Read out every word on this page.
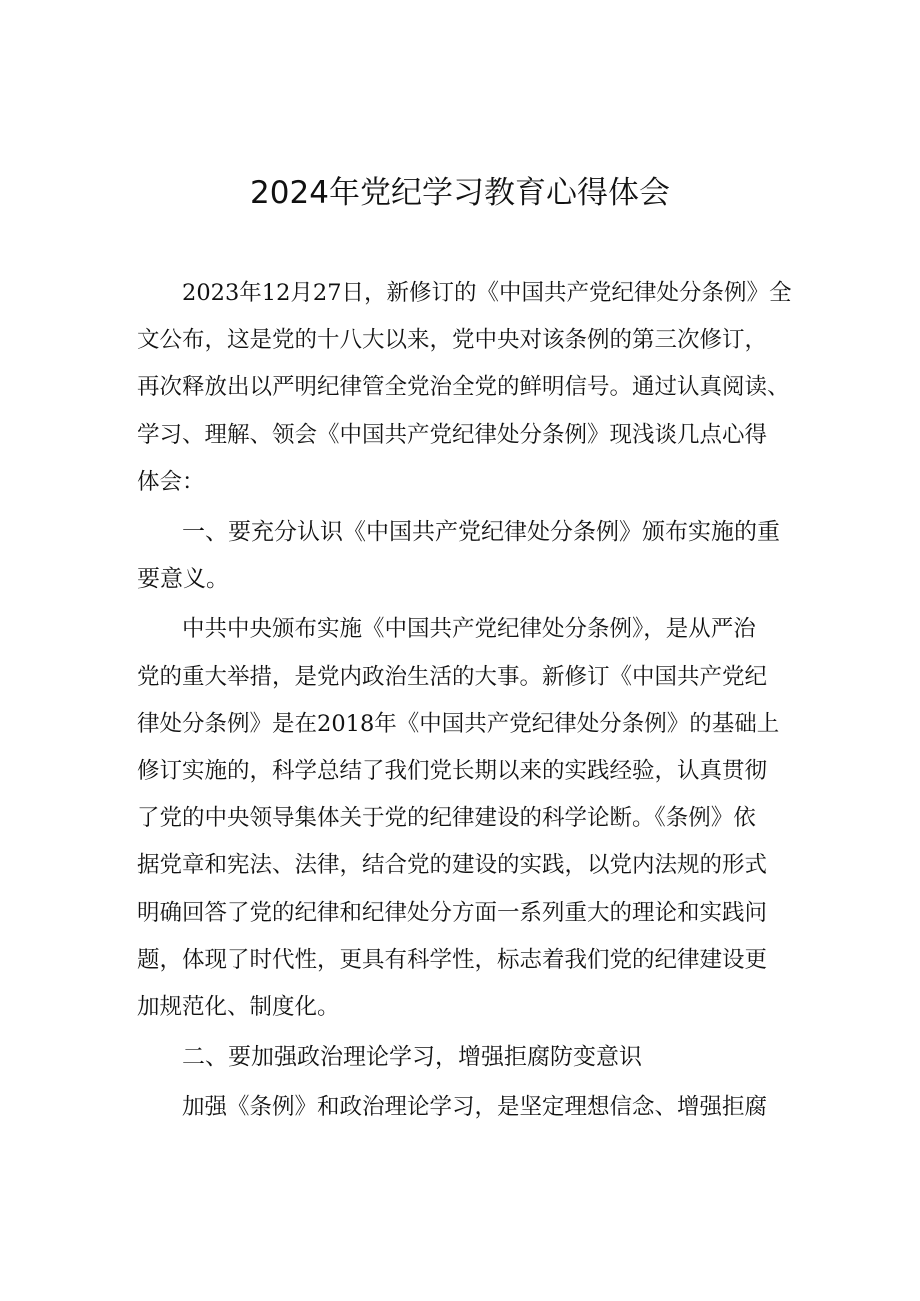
2024年党纪学习教育心得体会

2023年12月27日，新修订的《中国共产党纪律处分条例》全
文公布，这是党的十八大以来，党中央对该条例的第三次修订，
再次释放出以严明纪律管全党治全党的鲜明信号。通过认真阅读、
学习、理解、领会《中国共产党纪律处分条例》现浅谈几点心得
体会：

一、要充分认识《中国共产党纪律处分条例》颁布实施的重
要意义。

中共中央颁布实施《中国共产党纪律处分条例》，是从严治
党的重大举措，是党内政治生活的大事。新修订《中国共产党纪
律处分条例》是在2018年《中国共产党纪律处分条例》的基础上
修订实施的，科学总结了我们党长期以来的实践经验，认真贯彻
了党的中央领导集体关于党的纪律建设的科学论断。《条例》依
据党章和宪法、法律，结合党的建设的实践，以党内法规的形式
明确回答了党的纪律和纪律处分方面一系列重大的理论和实践问
题，体现了时代性，更具有科学性，标志着我们党的纪律建设更
加规范化、制度化。

二、要加强政治理论学习，增强拒腐防变意识

加强《条例》和政治理论学习，是坚定理想信念、增强拒腐
